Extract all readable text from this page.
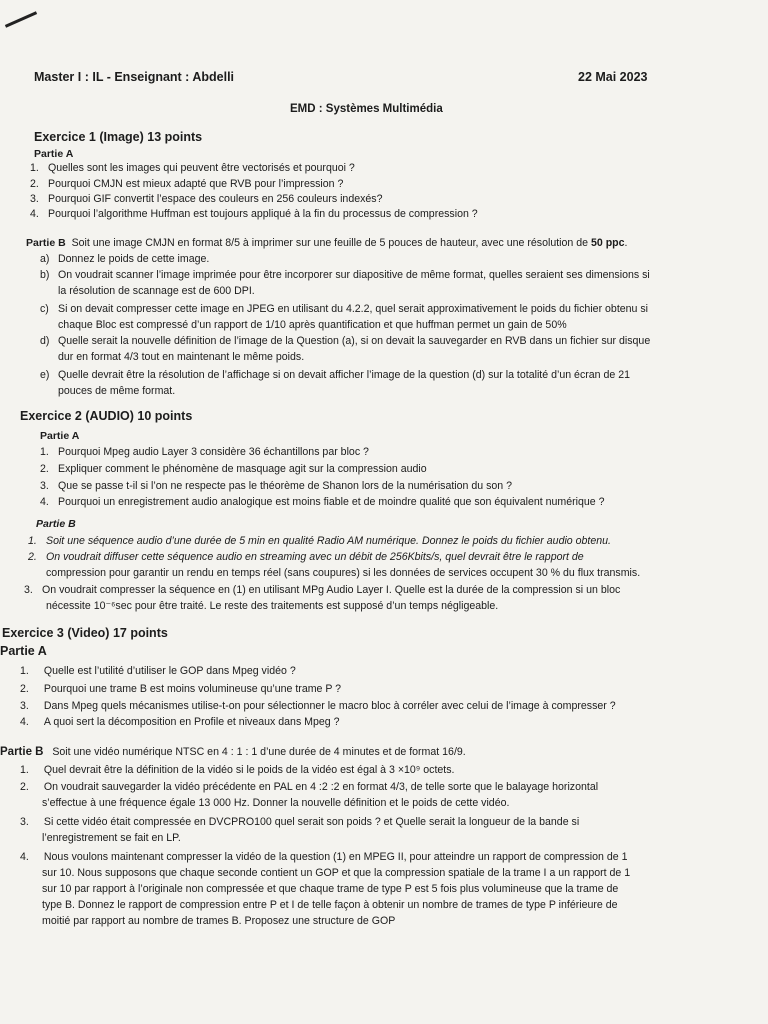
Master I : IL - Enseignant : Abdelli	22 Mai 2023
EMD : Systèmes Multimédia
Exercice 1 (Image) 13 points
Partie A
1. Quelles sont les images qui peuvent être vectorisés et pourquoi ?
2. Pourquoi CMJN est mieux adapté que RVB pour l’impression ?
3. Pourquoi GIF convertit l’espace des couleurs en 256 couleurs indexés?
4. Pourquoi l’algorithme Huffman est toujours appliqué à la fin du processus de compression ?
Partie B Soit une image CMJN en format 8/5 à imprimer sur une feuille de 5 pouces de hauteur, avec une résolution de 50 ppc.
a) Donnez le poids de cette image.
b) On voudrait scanner l’image imprimée pour être incorporer sur diapositive de même format, quelles seraient ses dimensions si
la résolution de scannage est de 600 DPI.
c) Si on devait compresser cette image en JPEG en utilisant du 4.2.2, quel serait approximativement le poids du fichier obtenu si
chaque Bloc est compressé d’un rapport de 1/10 après quantification et que huffman permet un gain de 50%
d) Quelle serait la nouvelle définition de l’image de la Question (a), si on devait la sauvegarder en RVB dans un fichier sur disque
dur en format 4/3 tout en maintenant le même poids.
e) Quelle devrait être la résolution de l’affichage si on devait afficher l’image de la question (d) sur la totalité d’un écran de 21
pouces de même format.
Exercice 2 (AUDIO) 10 points
Partie A
1. Pourquoi Mpeg audio Layer 3 considère 36 échantillons par bloc ?
2. Expliquer comment le phénomène de masquage agit sur la compression audio
3. Que se passe t-il si l’on ne respecte pas le théorème de Shanon lors de la numérisation du son ?
4. Pourquoi un enregistrement audio analogique est moins fiable et de moindre qualité que son équivalent numérique ?
Partie B
1. Soit une séquence audio d’une durée de 5 min en qualité Radio AM numérique. Donnez le poids du fichier audio obtenu.
2. On voudrait diffuser cette séquence audio en streaming avec un débit de 256Kbits/s, quel devrait être le rapport de
compression pour garantir un rendu en temps réel (sans coupures) si les données de services occupent 30 % du flux transmis.
3. On voudrait compresser la séquence en (1) en utilisant MPg Audio Layer I. Quelle est la durée de la compression si un bloc
nécessite 10⁻⁶sec pour être traité. Le reste des traitements est supposé d’un temps négligeable.
Exercice 3 (Video) 17 points
Partie A
1. Quelle est l’utilité d’utiliser le GOP dans Mpeg vidéo ?
2. Pourquoi une trame B est moins volumineuse qu’une trame P ?
3. Dans Mpeg quels mécanismes utilise-t-on pour sélectionner le macro bloc à corréler avec celui de l’image à compresser ?
4. A quoi sert la décomposition en Profile et niveaux dans Mpeg ?
Partie B Soit une vidéo numérique NTSC en 4 : 1 : 1 d’une durée de 4 minutes et de format 16/9.
1. Quel devrait être la définition de la vidéo si le poids de la vidéo est égal à 3 ×10⁹ octets.
2. On voudrait sauvegarder la vidéo précédente en PAL en 4 :2 :2 en format 4/3, de telle sorte que le balayage horizontal
s’effectue à une fréquence égale 13 000 Hz. Donner la nouvelle définition et le poids de cette vidéo.
3. Si cette vidéo était compressée en DVCPRO100 quel serait son poids ? et Quelle serait la longueur de la bande si
l’enregistrement se fait en LP.
4. Nous voulons maintenant compresser la vidéo de la question (1) en MPEG II, pour atteindre un rapport de compression de 1
sur 10. Nous supposons que chaque seconde contient un GOP et que la compression spatiale de la trame I a un rapport de 1
sur 10 par rapport à l’originale non compressée et que chaque trame de type P est 5 fois plus volumineuse que la trame de
type B. Donnez le rapport de compression entre P et I de telle façon à obtenir un nombre de trames de type P inférieure de
moitié par rapport au nombre de trames B. Proposez une structure de GOP
